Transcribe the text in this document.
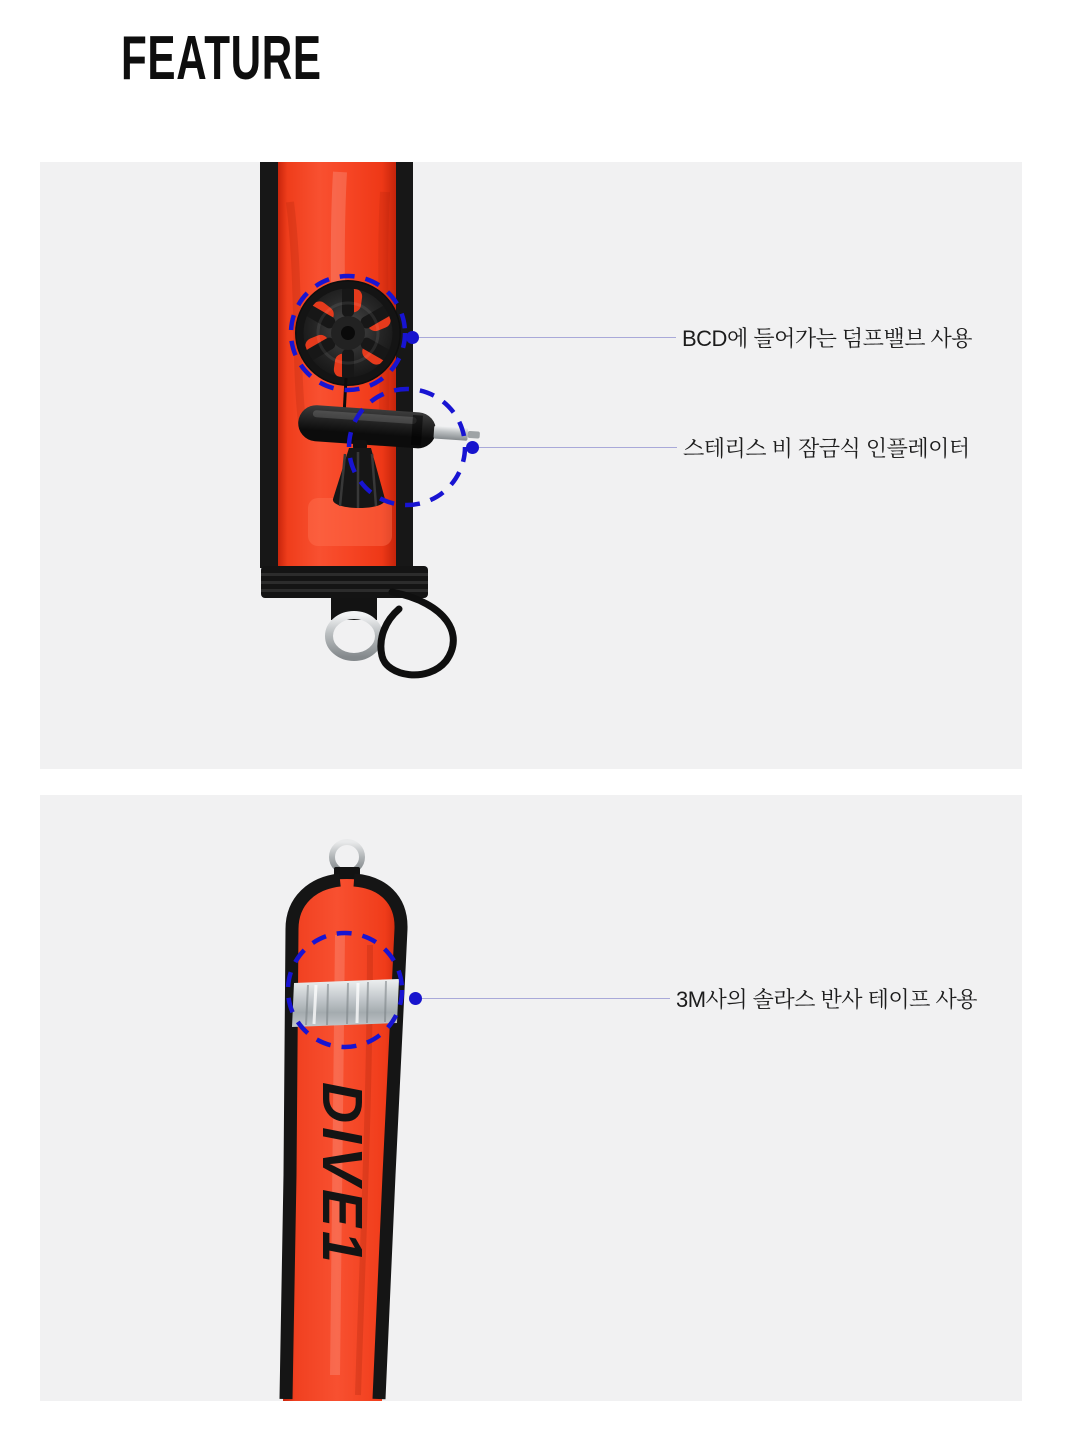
FEATURE
BCD에 들어가는 덤프밸브 사용
스테리스 비 잠금식 인플레이터
DIVE1
3M사의 솔라스 반사 테이프 사용
